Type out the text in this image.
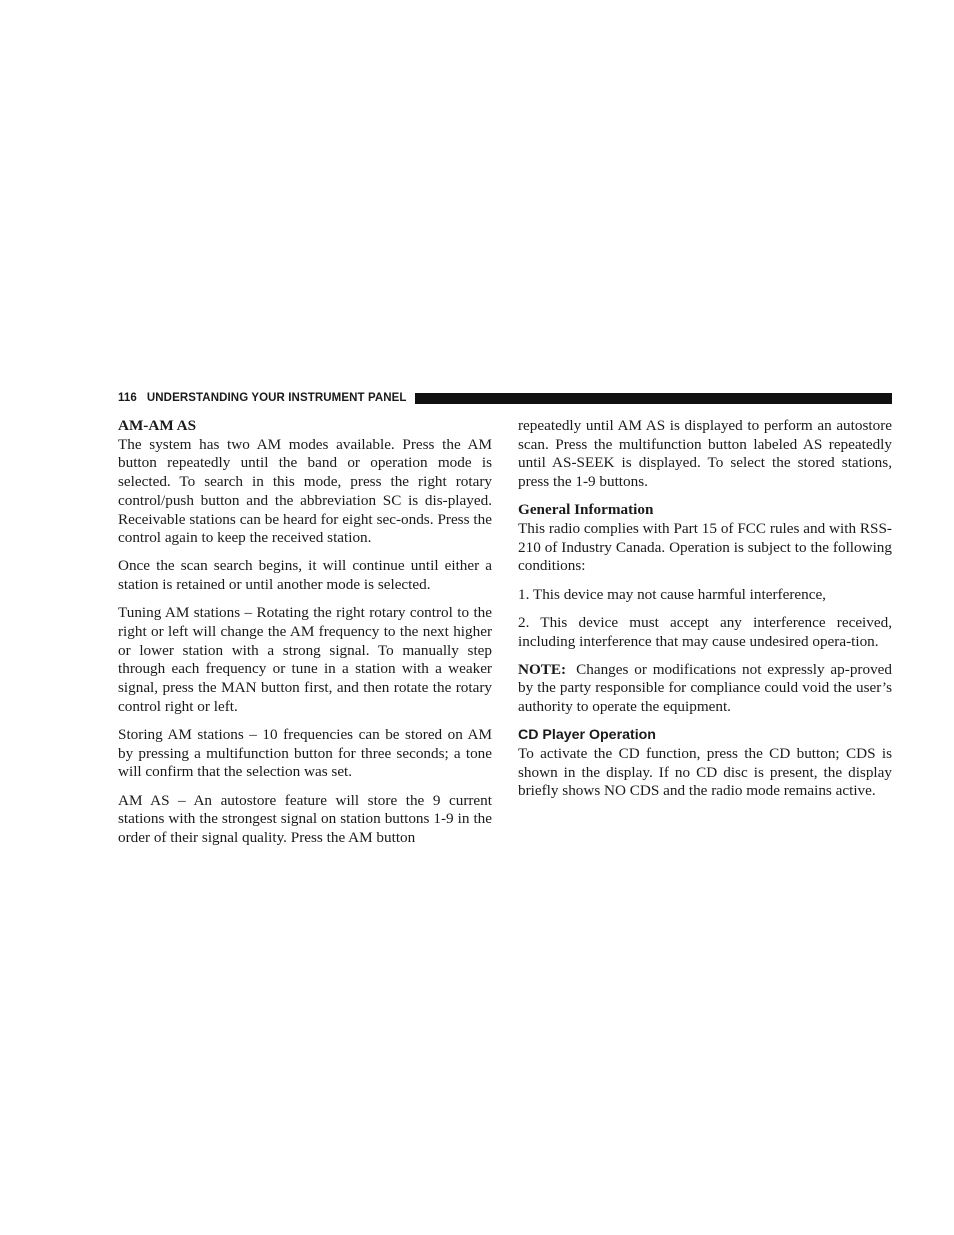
116 UNDERSTANDING YOUR INSTRUMENT PANEL
AM-AM AS

The system has two AM modes available. Press the AM button repeatedly until the band or operation mode is selected. To search in this mode, press the right rotary control/push button and the abbreviation SC is dis-played. Receivable stations can be heard for eight sec-onds. Press the control again to keep the received station.

Once the scan search begins, it will continue until either a station is retained or until another mode is selected.

Tuning AM stations – Rotating the right rotary control to the right or left will change the AM frequency to the next higher or lower station with a strong signal. To manually step through each frequency or tune in a station with a weaker signal, press the MAN button first, and then rotate the rotary control right or left.

Storing AM stations – 10 frequencies can be stored on AM by pressing a multifunction button for three seconds; a tone will confirm that the selection was set.

AM AS – An autostore feature will store the 9 current stations with the strongest signal on station buttons 1-9 in the order of their signal quality. Press the AM button

repeatedly until AM AS is displayed to perform an autostore scan. Press the multifunction button labeled AS repeatedly until AS-SEEK is displayed. To select the stored stations, press the 1-9 buttons.

General Information

This radio complies with Part 15 of FCC rules and with RSS-210 of Industry Canada. Operation is subject to the following conditions:

1. This device may not cause harmful interference,

2. This device must accept any interference received, including interference that may cause undesired opera-tion.

NOTE: Changes or modifications not expressly ap-proved by the party responsible for compliance could void the user’s authority to operate the equipment.

CD Player Operation

To activate the CD function, press the CD button; CDS is shown in the display. If no CD disc is present, the display briefly shows NO CDS and the radio mode remains active.
